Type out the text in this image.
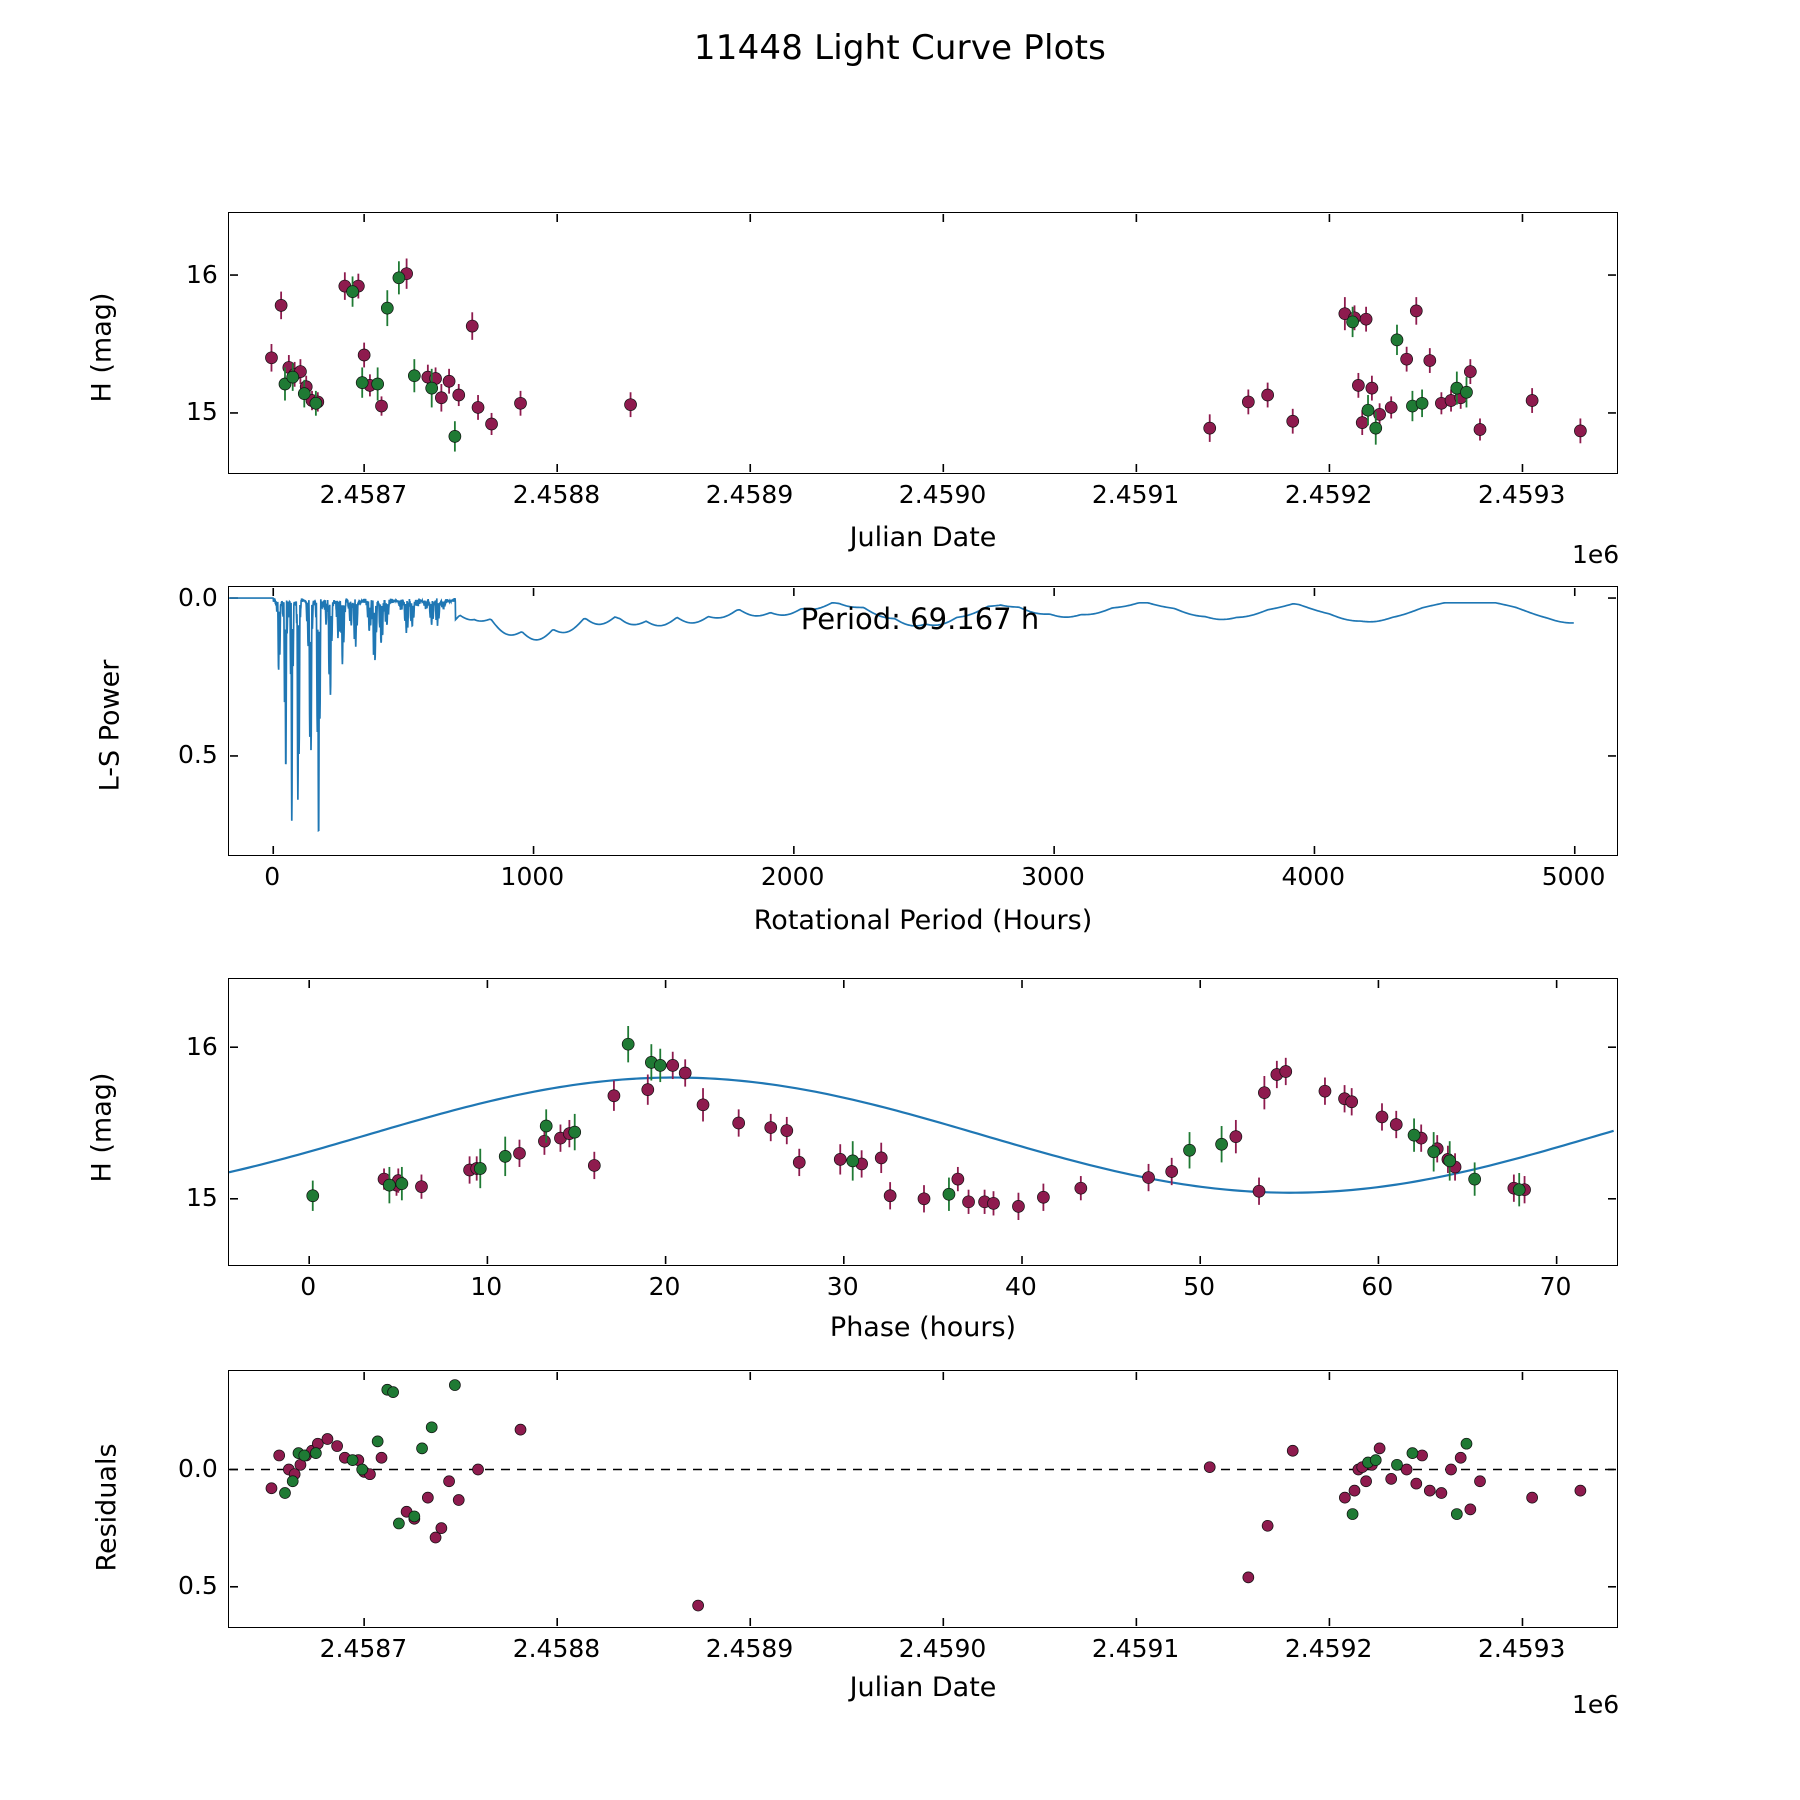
11448 Light Curve Plots
H (mag)
Julian Date
1e6
L-S Power
Period: 69.167 h
Rotational Period (Hours)
H (mag)
Phase (hours)
Residuals
Julian Date
1e6
2.4587	2.4588	2.4589	2.4590	2.4591	2.4592	2.4593
15
16
0	1000	2000	3000	4000	5000
0.0
0.5
0	10	20	30	40	50	60	70
15
16
2.4587	2.4588	2.4589	2.4590	2.4591	2.4592	2.4593
0.0
0.5
